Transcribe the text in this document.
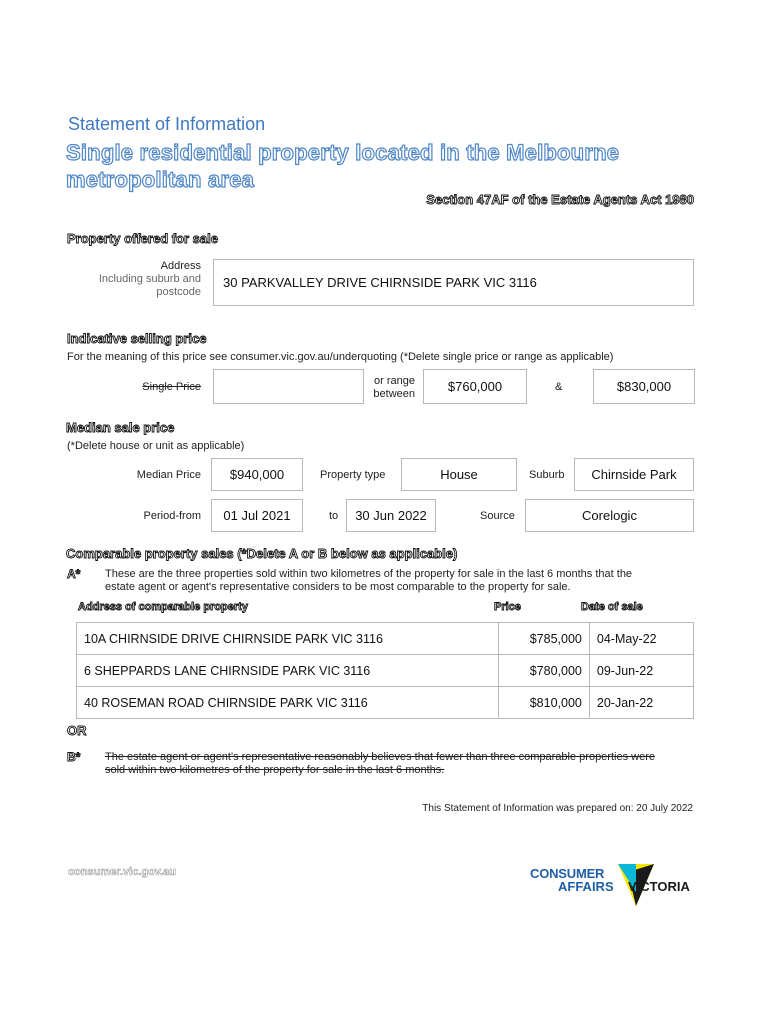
Statement of Information
Single residential property located in the Melbourne
metropolitan area
Section 47AF of the Estate Agents Act 1980
Property offered for sale
Address
Including suburb and
postcode
30 PARKVALLEY DRIVE CHIRNSIDE PARK VIC 3116
Indicative selling price
For the meaning of this price see consumer.vic.gov.au/underquoting (*Delete single price or range as applicable)
Single Price	or range
between	$760,000	&	$830,000
Median sale price
(*Delete house or unit as applicable)
Median Price $940,000	Property type	House	Suburb Chirnside Park
Period-from 01 Jul 2021	to 30 Jun 2022	Source	Corelogic
Comparable property sales (*Delete A or B below as applicable)
A* These are the three properties sold within two kilometres of the property for sale in the last 6 months that the
estate agent or agent's representative considers to be most comparable to the property for sale.
Address of comparable property	Price	Date of sale
10A CHIRNSIDE DRIVE CHIRNSIDE PARK VIC 3116	$785,000	04-May-22
6 SHEPPARDS LANE CHIRNSIDE PARK VIC 3116	$780,000	09-Jun-22
40 ROSEMAN ROAD CHIRNSIDE PARK VIC 3116	$810,000	20-Jan-22
OR
B* The estate agent or agent's representative reasonably believes that fewer than three comparable properties were
sold within two kilometres of the property for sale in the last 6 months.
This Statement of Information was prepared on: 20 July 2022
consumer.vic.gov.au	CONSUMER
AFFAIRS VICTORIA
